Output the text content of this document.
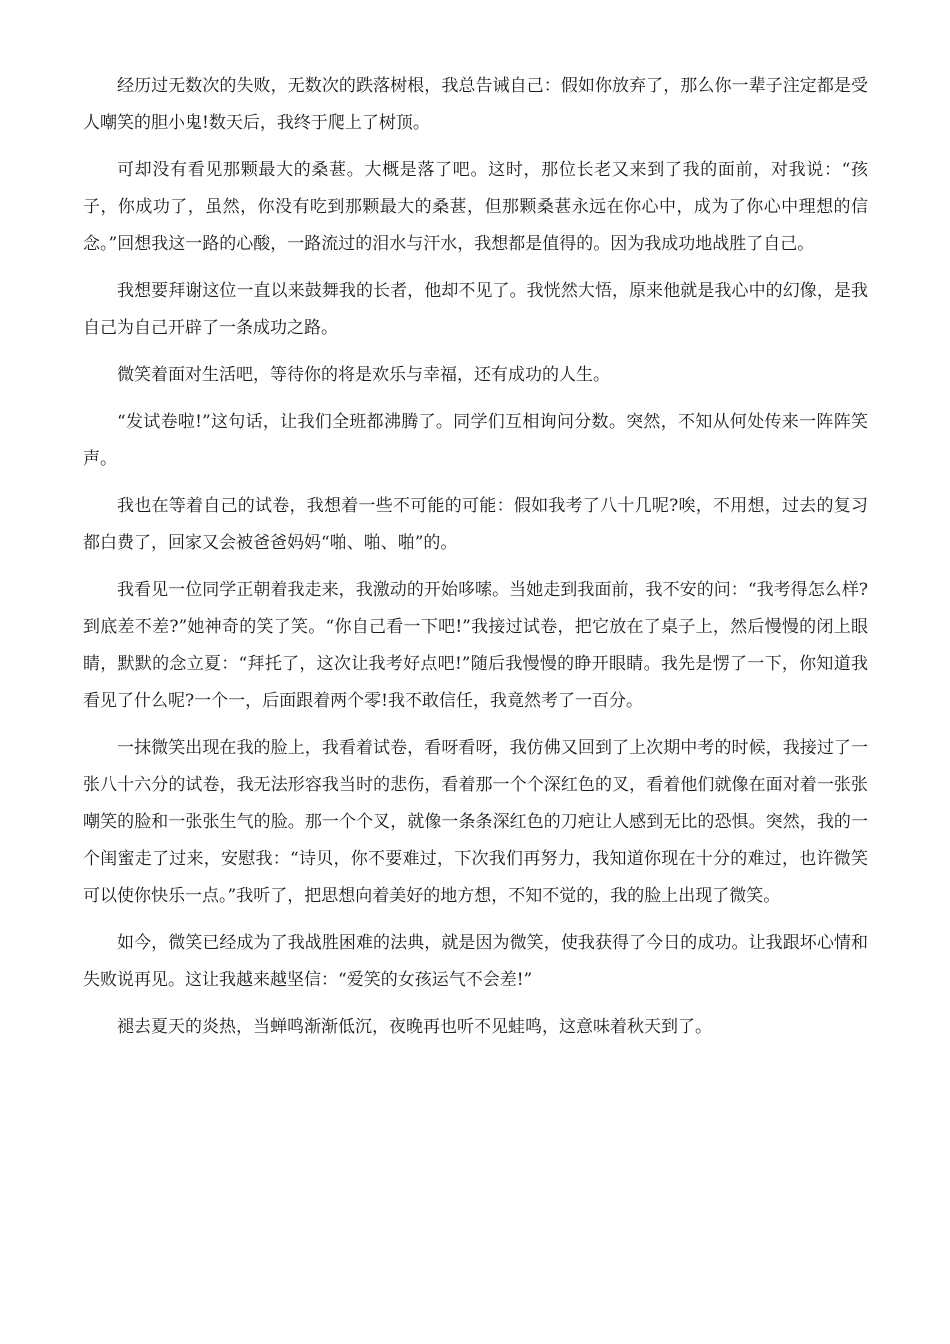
经历过无数次的失败，无数次的跌落树根，我总告诫自己：假如你放弃了，那么你一辈子注定都是受人嘲笑的胆小鬼!数天后，我终于爬上了树顶。

可却没有看见那颗最大的桑葚。大概是落了吧。这时，那位长老又来到了我的面前，对我说：“孩子，你成功了，虽然，你没有吃到那颗最大的桑葚，但那颗桑葚永远在你心中，成为了你心中理想的信念。”回想我这一路的心酸，一路流过的泪水与汗水，我想都是值得的。因为我成功地战胜了自己。

我想要拜谢这位一直以来鼓舞我的长者，他却不见了。我恍然大悟，原来他就是我心中的幻像，是我自己为自己开辟了一条成功之路。

微笑着面对生活吧，等待你的将是欢乐与幸福，还有成功的人生。

“发试卷啦!”这句话，让我们全班都沸腾了。同学们互相询问分数。突然，不知从何处传来一阵阵笑声。

我也在等着自己的试卷，我想着一些不可能的可能：假如我考了八十几呢?唉，不用想，过去的复习都白费了，回家又会被爸爸妈妈“啪、啪、啪”的。

我看见一位同学正朝着我走来，我激动的开始哆嗦。当她走到我面前，我不安的问：“我考得怎么样?到底差不差?”她神奇的笑了笑。“你自己看一下吧!”我接过试卷，把它放在了桌子上，然后慢慢的闭上眼睛，默默的念立夏：“拜托了，这次让我考好点吧!”随后我慢慢的睁开眼睛。我先是愣了一下，你知道我看见了什么呢?一个一，后面跟着两个零!我不敢信任，我竟然考了一百分。

一抹微笑出现在我的脸上，我看着试卷，看呀看呀，我仿佛又回到了上次期中考的时候，我接过了一张八十六分的试卷，我无法形容我当时的悲伤，看着那一个个深红色的叉，看着他们就像在面对着一张张嘲笑的脸和一张张生气的脸。那一个个叉，就像一条条深红色的刀疤让人感到无比的恐惧。突然，我的一个闺蜜走了过来，安慰我：“诗贝，你不要难过，下次我们再努力，我知道你现在十分的难过，也许微笑可以使你快乐一点。”我听了，把思想向着美好的地方想，不知不觉的，我的脸上出现了微笑。

如今，微笑已经成为了我战胜困难的法典，就是因为微笑，使我获得了今日的成功。让我跟坏心情和失败说再见。这让我越来越坚信：“爱笑的女孩运气不会差!”

褪去夏天的炎热，当蝉鸣渐渐低沉，夜晚再也听不见蛙鸣，这意味着秋天到了。
